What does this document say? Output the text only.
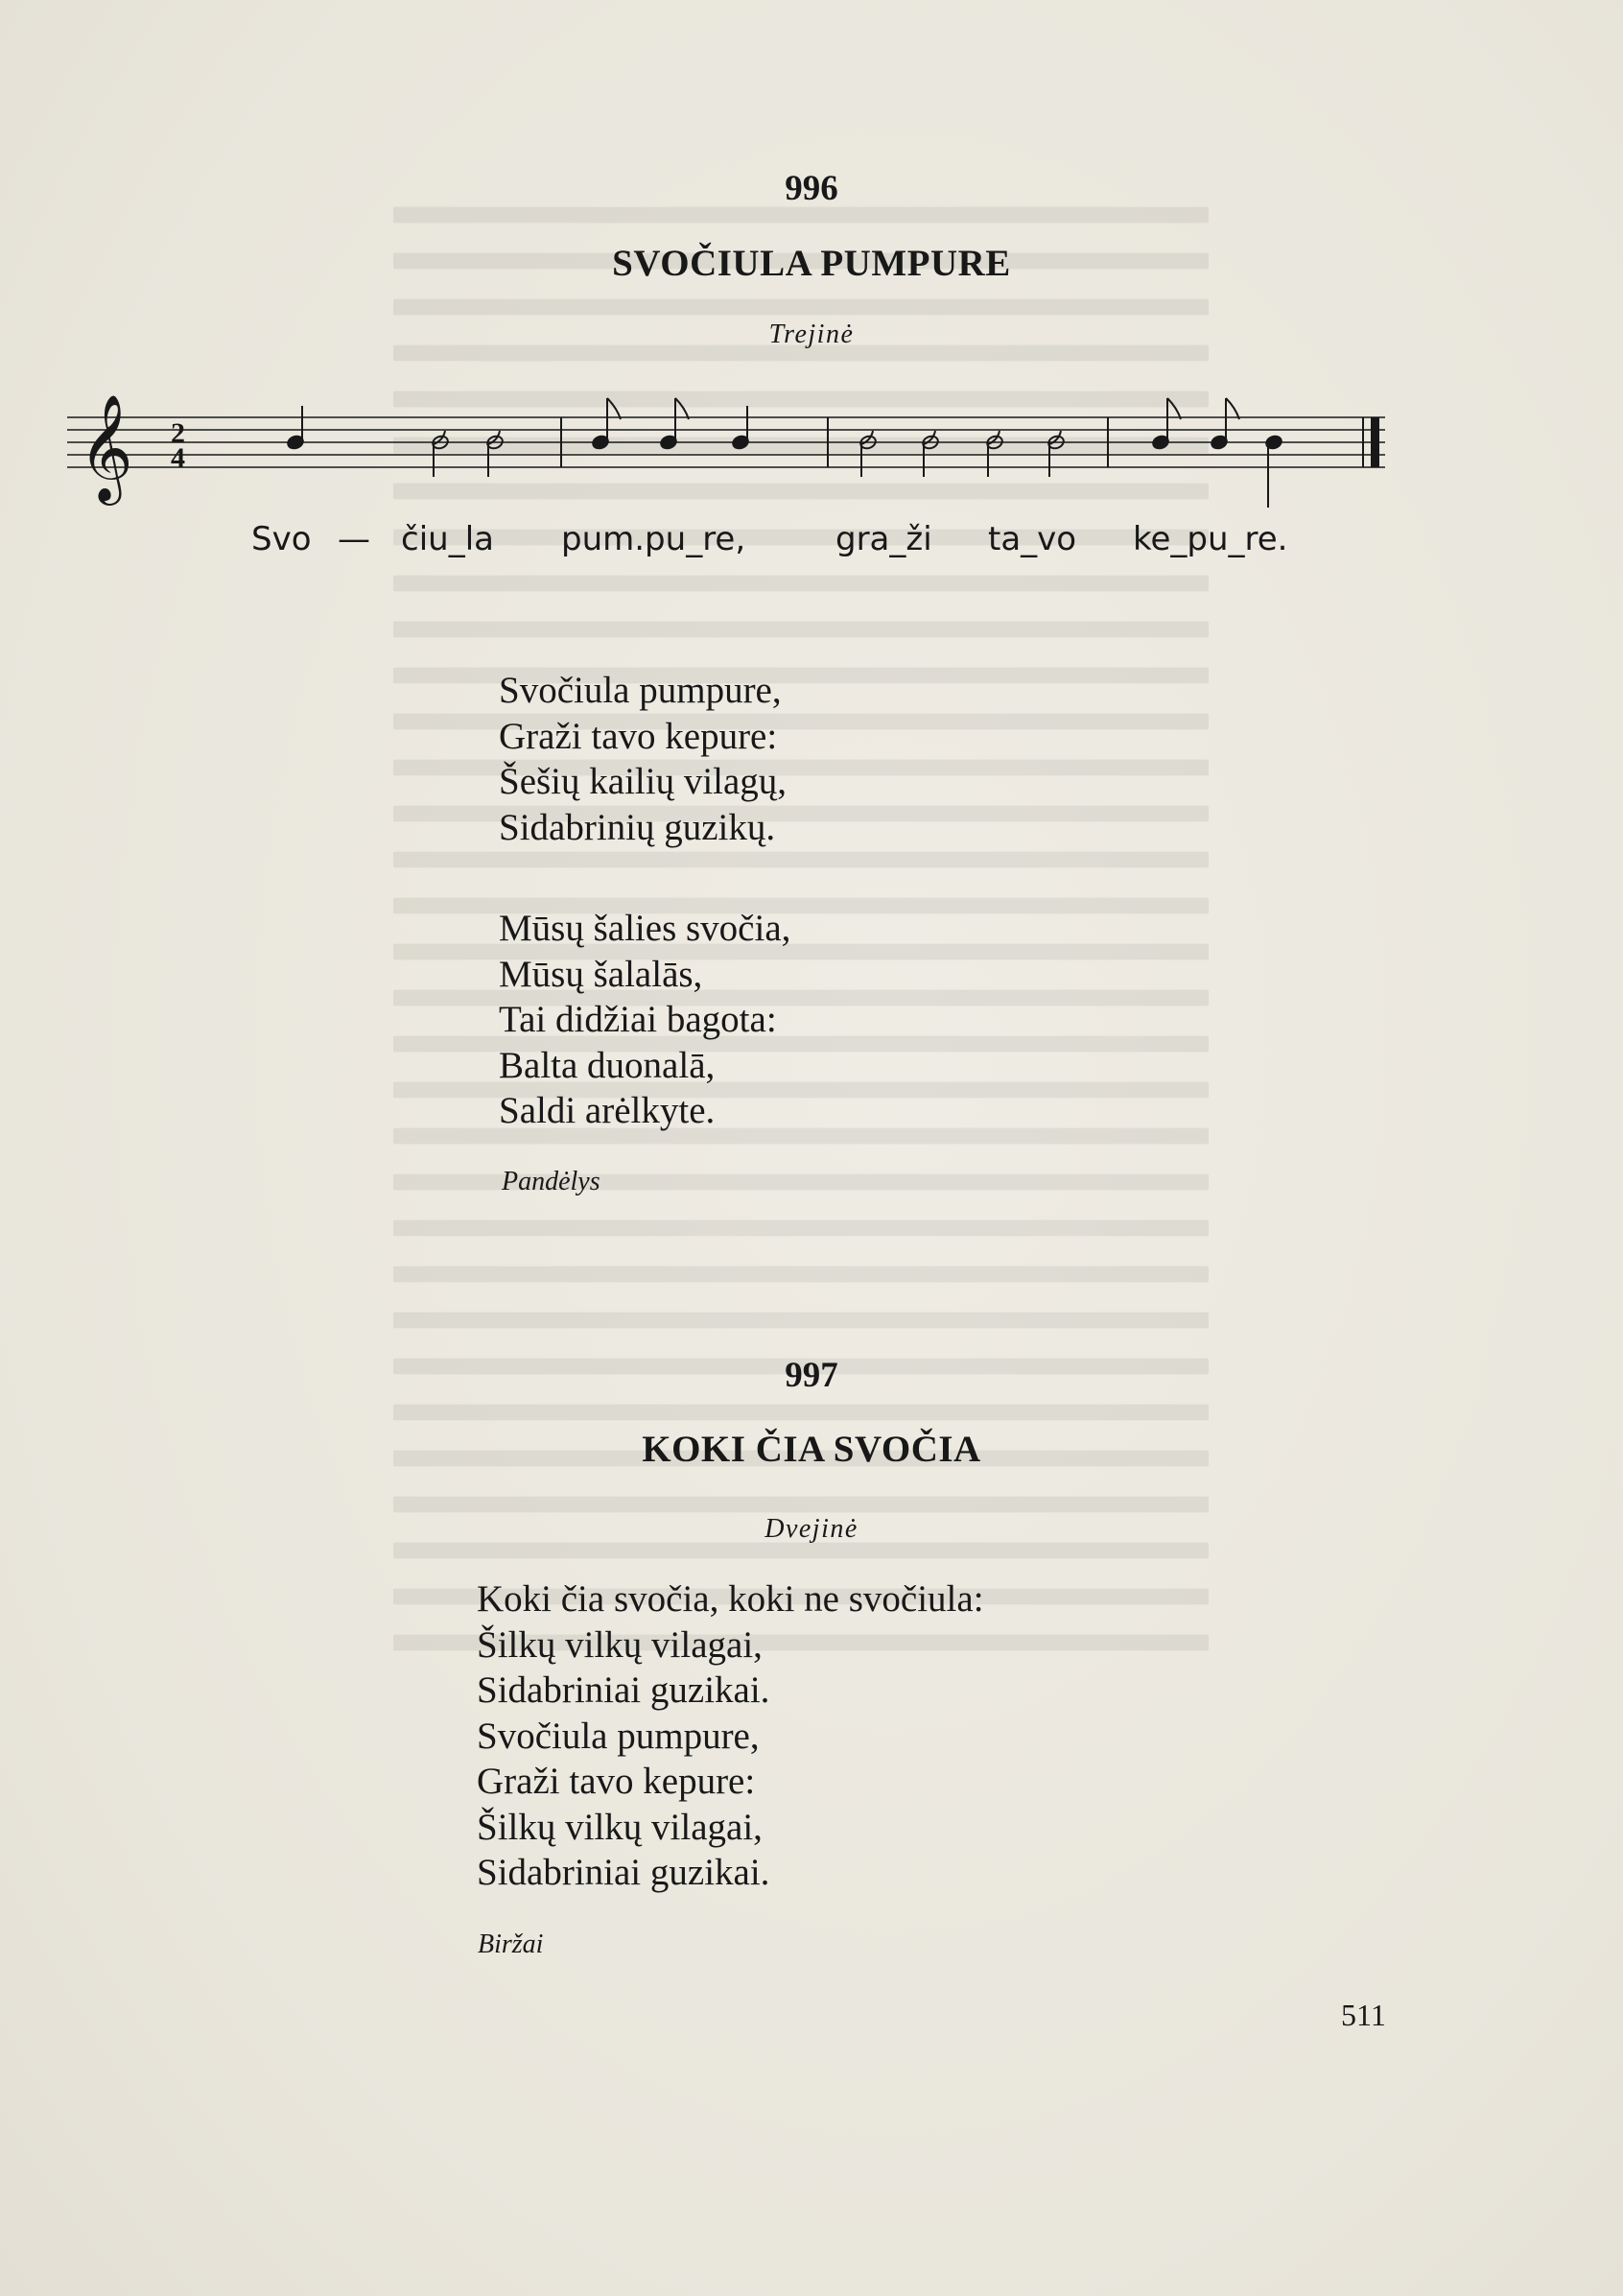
996
SVOČIULA PUMPURE
Trejinė
𝄞 2
4
Svo — čiu_la pum.pu_re,	gra_ži ta_vo ke_pu_re.
Svočiula pumpure,
Graži tavo kepure:
Šešių kailių vilagų,
Sidabrinių guzikų.
Mūsų šalies svočia,
Mūsų šalalās,
Tai didžiai bagota:
Balta duonalā,
Saldi arėlkyte.
Pandėlys
997
KOKI ČIA SVOČIA
Dvejinė
Koki čia svočia, koki ne svočiula:
Šilkų vilkų vilagai,
Sidabriniai guzikai.
Svočiula pumpure,
Graži tavo kepure:
Šilkų vilkų vilagai,
Sidabriniai guzikai.
Biržai
511
